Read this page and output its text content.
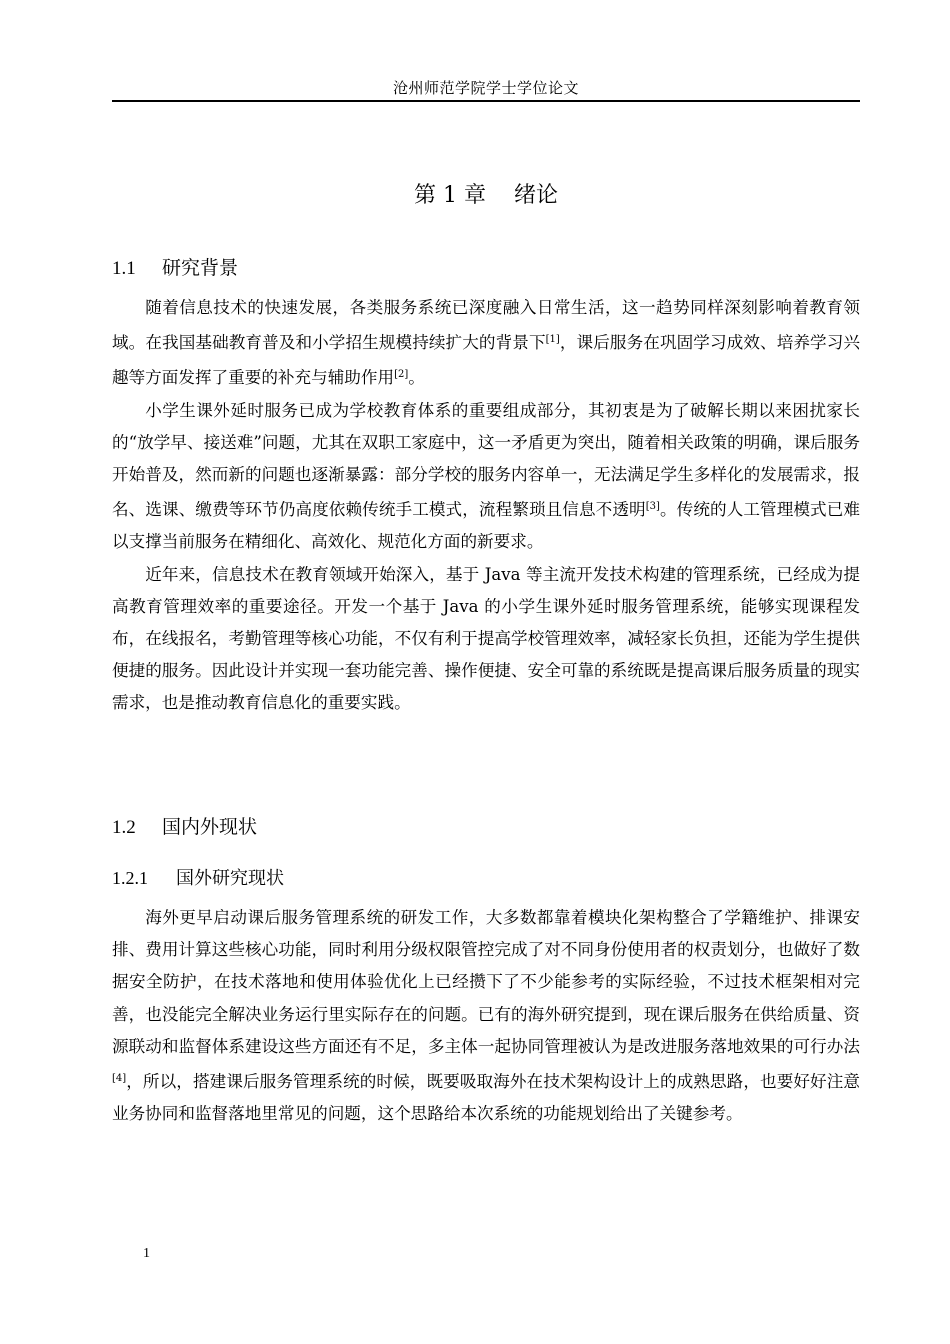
沧州师范学院学士学位论文
第 1 章 绪论
1.1 研究背景

随着信息技术的快速发展，各类服务系统已深度融入日常生活，这一趋势同样深刻影响着教育领域。在我国基础教育普及和小学招生规模持续扩大的背景下[1]，课后服务在巩固学习成效、培养学习兴趣等方面发挥了重要的补充与辅助作用[2]。

小学生课外延时服务已成为学校教育体系的重要组成部分，其初衷是为了破解长期以来困扰家长的“放学早、接送难”问题，尤其在双职工家庭中，这一矛盾更为突出，随着相关政策的明确，课后服务开始普及，然而新的问题也逐渐暴露：部分学校的服务内容单一，无法满足学生多样化的发展需求，报名、选课、缴费等环节仍高度依赖传统手工模式，流程繁琐且信息不透明[3]。传统的人工管理模式已难以支撑当前服务在精细化、高效化、规范化方面的新要求。

近年来，信息技术在教育领域开始深入，基于 Java 等主流开发技术构建的管理系统，已经成为提高教育管理效率的重要途径。开发一个基于 Java 的小学生课外延时服务管理系统，能够实现课程发布，在线报名，考勤管理等核心功能，不仅有利于提高学校管理效率，减轻家长负担，还能为学生提供便捷的服务。因此设计并实现一套功能完善、操作便捷、安全可靠的系统既是提高课后服务质量的现实需求，也是推动教育信息化的重要实践。

1.2 国内外现状
1.2.1 国外研究现状

海外更早启动课后服务管理系统的研发工作，大多数都靠着模块化架构整合了学籍维护、排课安排、费用计算这些核心功能，同时利用分级权限管控完成了对不同身份使用者的权责划分，也做好了数据安全防护，在技术落地和使用体验优化上已经攒下了不少能参考的实际经验，不过技术框架相对完善，也没能完全解决业务运行里实际存在的问题。已有的海外研究提到，现在课后服务在供给质量、资源联动和监督体系建设这些方面还有不足，多主体一起协同管理被认为是改进服务落地效果的可行办法[4]，所以，搭建课后服务管理系统的时候，既要吸取海外在技术架构设计上的成熟思路，也要好好注意业务协同和监督落地里常见的问题，这个思路给本次系统的功能规划给出了关键参考。

1
